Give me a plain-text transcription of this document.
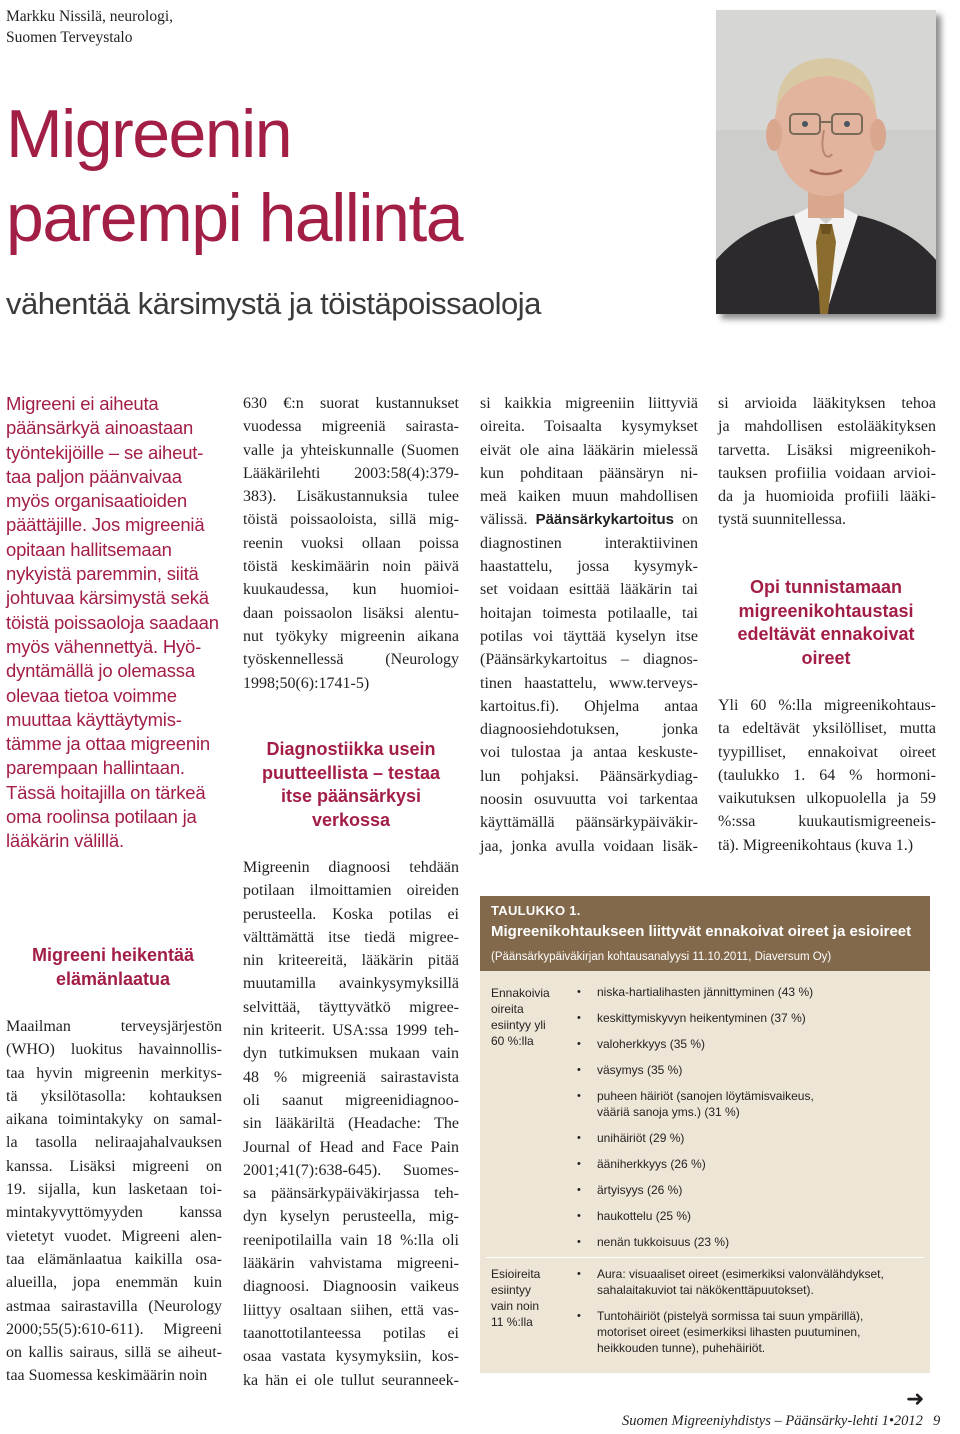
Markku Nissilä, neurologi,
Suomen Terveystalo
Migreenin
parempi hallinta
vähentää kärsimystä ja töistäpoissaoloja

Migreeni ei aiheuta

päänsärkyä ainoastaan

työntekijöille – se aiheut-

taa paljon päänvaivaa

myös organisaatioiden

päättäjille. Jos migreeniä

opitaan hallitsemaan

nykyistä paremmin, siitä

johtuvaa kärsimystä sekä

töistä poissaoloja saadaan

myös vähennettyä. Hyö-

dyntämällä jo olemassa

olevaa tietoa voimme

muuttaa käyttäytymis-

tämme ja ottaa migreenin

parempaan hallintaan.

Tässä hoitajilla on tärkeä

oma roolinsa potilaan ja

lääkärin välillä.

Migreeni heikentää
elämänlaatua

Maailman terveysjärjestön

(WHO) luokitus havainnollis-

taa hyvin migreenin merkitys-

tä yksilötasolla: kohtauksen

aikana toimintakyky on samal-

la tasolla neliraajahalvauksen

kanssa. Lisäksi migreeni on

19. sijalla, kun lasketaan toi-

mintakyvyttömyyden kanssa

vietetyt vuodet. Migreeni alen-

taa elämänlaatua kaikilla osa-

alueilla, jopa enemmän kuin

astmaa sairastavilla (Neurology

2000;55(5):610-611). Migreeni

on kallis sairaus, sillä se aiheut-

taa Suomessa keskimäärin noin

630 €:n suorat kustannukset

vuodessa migreeniä sairasta-

valle ja yhteiskunnalle (Suomen

Lääkärilehti 2003:58(4):379-

383). Lisäkustannuksia tulee

töistä poissaoloista, sillä mig-

reenin vuoksi ollaan poissa

töistä keskimäärin noin päivä

kuukaudessa, kun huomioi-

daan poissaolon lisäksi alentu-

nut työkyky migreenin aikana

työskennellessä (Neurology

1998;50(6):1741-5)

Diagnostiikka usein
puutteellista – testaa
itse päänsärkysi
verkossa

Migreenin diagnoosi tehdään

potilaan ilmoittamien oireiden

perusteella. Koska potilas ei

välttämättä itse tiedä migree-

nin kriteereitä, lääkärin pitää

muutamilla avainkysymyksillä

selvittää, täyttyvätkö migree-

nin kriteerit. USA:ssa 1999 teh-

dyn tutkimuksen mukaan vain

48 % migreeniä sairastavista

oli saanut migreenidiagnoo-

sin lääkäriltä (Headache: The

Journal of Head and Face Pain

2001;41(7):638-645). Suomes-

sa päänsärkypäiväkirjassa teh-

dyn kyselyn perusteella, mig-

reenipotilailla vain 18 %:lla oli

lääkärin vahvistama migreeni-

diagnoosi. Diagnoosin vaikeus

liittyy osaltaan siihen, että vas-

taanottotilanteessa potilas ei

osaa vastata kysymyksiin, kos-

ka hän ei ole tullut seuranneek-

si kaikkia migreeniin liittyviä

oireita. Toisaalta kysymykset

eivät ole aina lääkärin mielessä

kun pohditaan päänsäryn ni-

meä kaiken muun mahdollisen

välissä. Päänsärkykartoitus on

diagnostinen interaktiivinen

haastattelu, jossa kysymyk-

set voidaan esittää lääkärin tai

hoitajan toimesta potilaalle, tai

potilas voi täyttää kyselyn itse

(Päänsärkykartoitus – diagnos-

tinen haastattelu, www.terveys-

kartoitus.fi). Ohjelma antaa

diagnoosiehdotuksen, jonka

voi tulostaa ja antaa keskuste-

lun pohjaksi. Päänsärkydiag-

noosin osuvuutta voi tarkentaa

käyttämällä päänsärkypäiväkir-

jaa, jonka avulla voidaan lisäk-

si arvioida lääkityksen tehoa

ja mahdollisen estolääkityksen

tarvetta. Lisäksi migreenikoh-

tauksen profiilia voidaan arvioi-

da ja huomioida profiili lääki-

tystä suunnitellessa.

Opi tunnistamaan
migreenikohtaustasi
edeltävät ennakoivat
oireet

Yli 60 %:lla migreenikohtaus-

ta edeltävät yksilölliset, mutta

tyypilliset, ennakoivat oireet

(taulukko 1. 64 % hormoni-

vaikutuksen ulkopuolella ja 59

%:ssa kuukautismigreeneis-

tä). Migreenikohtaus (kuva 1.)

TAULUKKO 1.
Migreenikohtaukseen liittyvät ennakoivat oireet ja esioireet
(Päänsärkypäiväkirjan kohtausanalyysi 11.10.2011, Diaversum Oy)
Ennakoivia
oireita
esiintyy yli
60 %:lla
• niska-hartialihasten jännittyminen (43 %)
• keskittymiskyvyn heikentyminen (37 %)
• valoherkkyys (35 %)
• väsymys (35 %)
• puheen häiriöt (sanojen löytämisvaikeus,
vääriä sanoja yms.) (31 %)
• unihäiriöt (29 %)
• ääniherkkyys (26 %)
• ärtyisyys (26 %)
• haukottelu (25 %)
• nenän tukkoisuus (23 %)
Esioireita
esiintyy
vain noin
11 %:lla
• Aura: visuaaliset oireet (esimerkiksi valonvälähdykset,
sahalaitakuviot tai näkökenttäpuutokset).
• Tuntohäiriöt (pistelyä sormissa tai suun ympärillä),
motoriset oireet (esimerkiksi lihasten puutuminen,
heikkouden tunne), puhehäiriöt.
➜
Suomen Migreeniyhdistys – Päänsärky-lehti 1•2012 9
